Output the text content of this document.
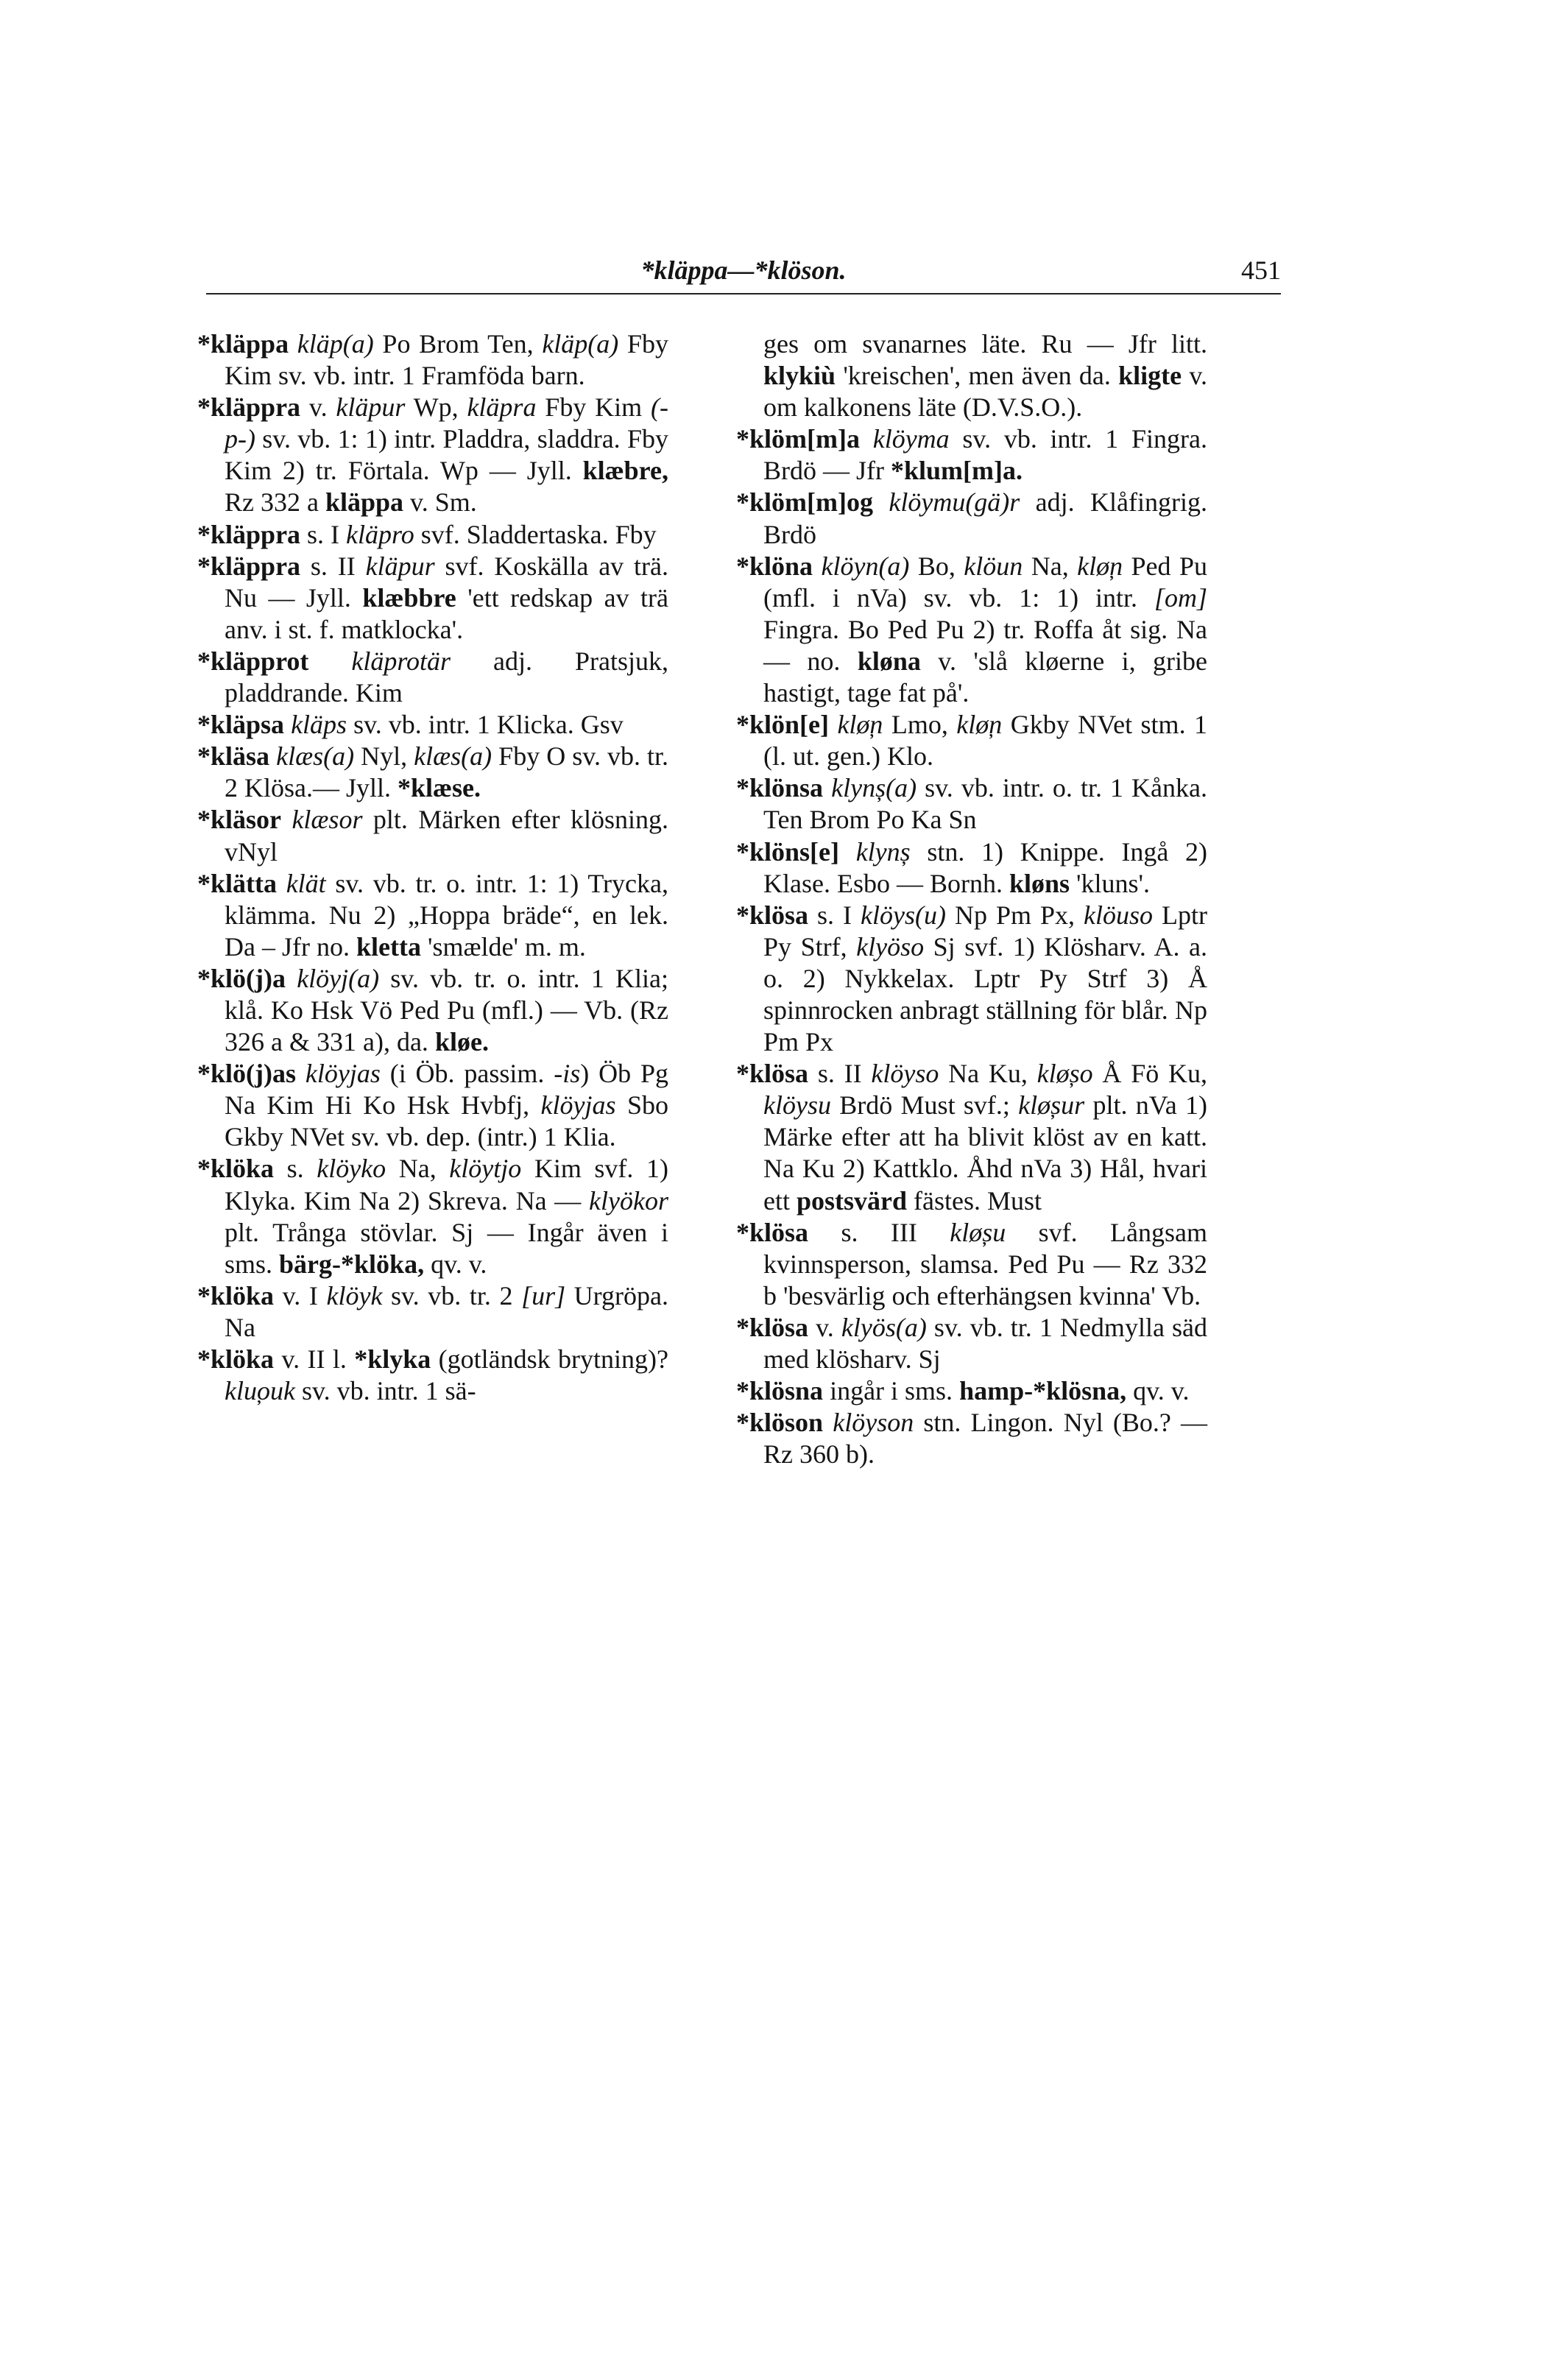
*kläppa—*klöson.	451

*kläppa kläp(a) Po Brom Ten, kläp(a) Fby Kim sv. vb. intr. 1 Framföda barn.

*kläppra v. kläpur Wp, kläpra Fby Kim (-p-) sv. vb. 1: 1) intr. Pladdra, sladdra. Fby Kim 2) tr. Förtala. Wp — Jyll. klæbre, Rz 332 a kläppa v. Sm.

*kläppra s. I kläpro svf. Sladdertaska. Fby

*kläppra s. II kläpur svf. Koskälla av trä. Nu — Jyll. klæbbre 'ett redskap av trä anv. i st. f. matklocka'.

*kläpprot kläprotär adj. Pratsjuk, pladdrande. Kim

*kläpsa kläps sv. vb. intr. 1 Klicka. Gsv

*kläsa klæs(a) Nyl, klæs(a) Fby O sv. vb. tr. 2 Klösa.— Jyll. *klæse.

*kläsor klæsor plt. Märken efter klösning. vNyl

*klätta klät sv. vb. tr. o. intr. 1: 1) Trycka, klämma. Nu 2) „Hoppa bräde“, en lek. Da – Jfr no. kletta 'smælde' m. m.

*klö(j)a klöyj(a) sv. vb. tr. o. intr. 1 Klia; klå. Ko Hsk Vö Ped Pu (mfl.) — Vb. (Rz 326 a & 331 a), da. kløe.

*klö(j)as klöyjas (i Öb. passim. -is) Öb Pg Na Kim Hi Ko Hsk Hvbfj, klöyjas Sbo Gkby NVet sv. vb. dep. (intr.) 1 Klia.

*klöka s. klöyko Na, klöytjo Kim svf. 1) Klyka. Kim Na 2) Skreva. Na — klyökor plt. Trånga stövlar. Sj — Ingår även i sms. bärg-*klöka, qv. v.

*klöka v. I klöyk sv. vb. tr. 2 [ur] Urgröpa. Na

*klöka v. II l. *klyka (gotländsk brytning)? klu̦ouk sv. vb. intr. 1 sä-

ges om svanarnes läte. Ru — Jfr litt. klykiù 'kreischen', men även da. kligte v. om kalkonens läte (D.V.S.O.).

*klöm[m]a klöyma sv. vb. intr. 1 Fingra. Brdö — Jfr *klum[m]a.

*klöm[m]og klöymu(gä)r adj. Klåfingrig. Brdö

*klöna klöyn(a) Bo, klöun Na, klø̦n Ped Pu (mfl. i nVa) sv. vb. 1: 1) intr. [om] Fingra. Bo Ped Pu 2) tr. Roffa åt sig. Na — no. kløna v. 'slå kløerne i, gribe hastigt, tage fat på'.

*klön[e] klø̦n Lmo, klø̦n Gkby NVet stm. 1 (l. ut. gen.) Klo.

*klönsa klynș(a) sv. vb. intr. o. tr. 1 Kånka. Ten Brom Po Ka Sn

*klöns[e] klynș stn. 1) Knippe. Ingå 2) Klase. Esbo — Bornh. kløns 'kluns'.

*klösa s. I klöys(u) Np Pm Px, klöuso Lptr Py Strf, klyöso Sj svf. 1) Klösharv. A. a. o. 2) Nykkelax. Lptr Py Strf 3) Å spinnrocken anbragt ställning för blår. Np Pm Px

*klösa s. II klöyso Na Ku, klø̦so Å Fö Ku, klöysu Brdö Must svf.; klø̦sur plt. nVa 1) Märke efter att ha blivit klöst av en katt. Na Ku 2) Kattklo. Åhd nVa 3) Hål, hvari ett postsvärd fästes. Must

*klösa s. III klø̦su svf. Långsam kvinnsperson, slamsa. Ped Pu — Rz 332 b 'besvärlig och efterhängsen kvinna' Vb.

*klösa v. klyös(a) sv. vb. tr. 1 Nedmylla säd med klösharv. Sj

*klösna ingår i sms. hamp-*klösna, qv. v.

*klöson klöyson stn. Lingon. Nyl (Bo.? — Rz 360 b).
